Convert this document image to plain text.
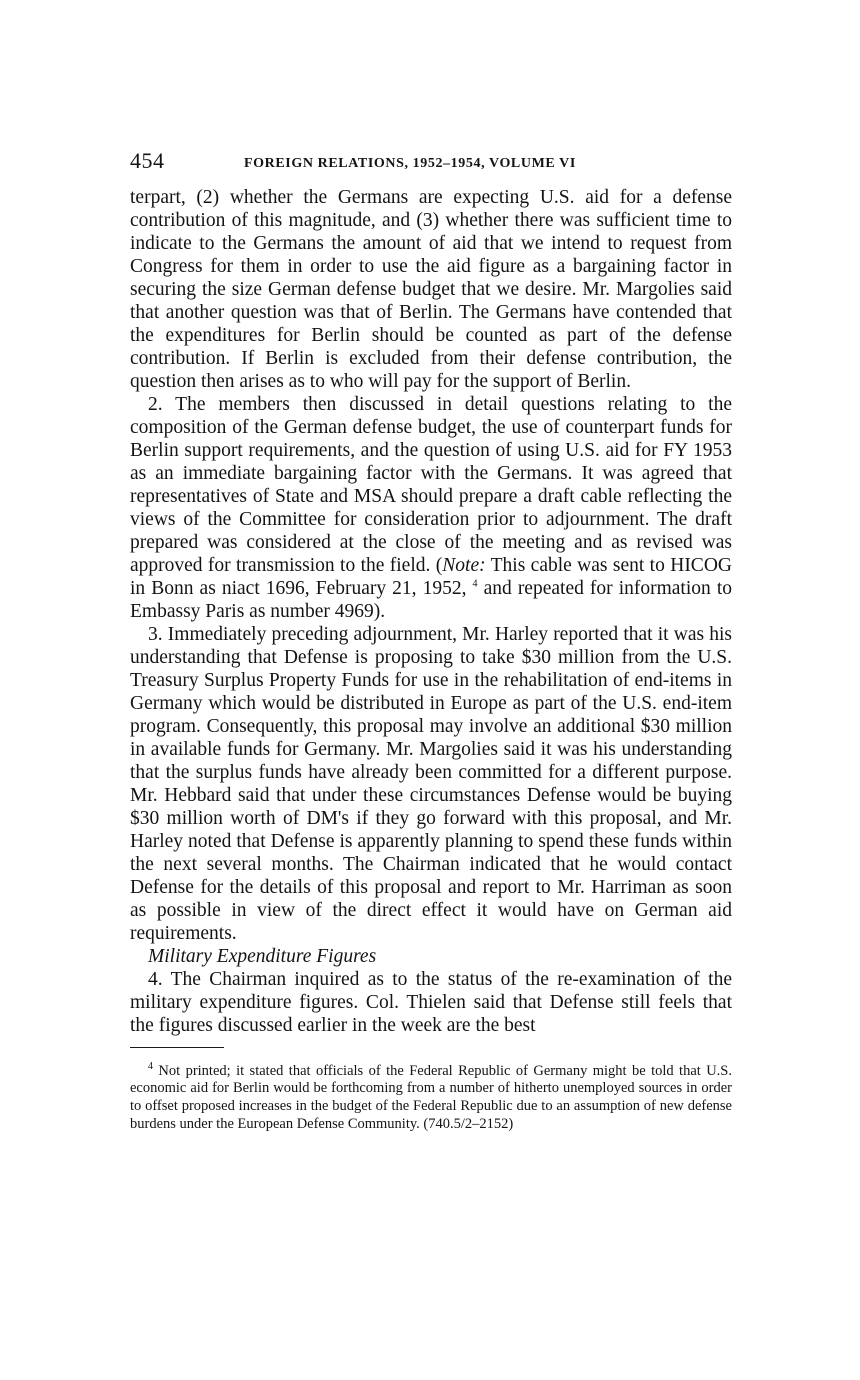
454	FOREIGN RELATIONS, 1952–1954, VOLUME VI

terpart, (2) whether the Germans are expecting U.S. aid for a defense contribution of this magnitude, and (3) whether there was sufficient time to indicate to the Germans the amount of aid that we intend to request from Congress for them in order to use the aid figure as a bargaining factor in securing the size German defense budget that we desire. Mr. Margolies said that another question was that of Berlin. The Germans have contended that the expenditures for Berlin should be counted as part of the defense contribution. If Berlin is excluded from their defense contribution, the question then arises as to who will pay for the support of Berlin.

2. The members then discussed in detail questions relating to the composition of the German defense budget, the use of counterpart funds for Berlin support requirements, and the question of using U.S. aid for FY 1953 as an immediate bargaining factor with the Germans. It was agreed that representatives of State and MSA should prepare a draft cable reflecting the views of the Committee for consideration prior to adjournment. The draft prepared was considered at the close of the meeting and as revised was approved for transmission to the field. (Note: This cable was sent to HICOG in Bonn as niact 1696, February 21, 1952, $^4$ and repeated for information to Embassy Paris as number 4969).

3. Immediately preceding adjournment, Mr. Harley reported that it was his understanding that Defense is proposing to take $30 million from the U.S. Treasury Surplus Property Funds for use in the rehabilitation of end-items in Germany which would be distributed in Europe as part of the U.S. end-item program. Consequently, this proposal may involve an additional $30 million in available funds for Germany. Mr. Margolies said it was his understanding that the surplus funds have already been committed for a different purpose. Mr. Hebbard said that under these circumstances Defense would be buying $30 million worth of DM's if they go forward with this proposal, and Mr. Harley noted that Defense is apparently planning to spend these funds within the next several months. The Chairman indicated that he would contact Defense for the details of this proposal and report to Mr. Harriman as soon as possible in view of the direct effect it would have on German aid requirements.

Military Expenditure Figures

4. The Chairman inquired as to the status of the re-examination of the military expenditure figures. Col. Thielen said that Defense still feels that the figures discussed earlier in the week are the best

$^4$ Not printed; it stated that officials of the Federal Republic of Germany might be told that U.S. economic aid for Berlin would be forthcoming from a number of hitherto unemployed sources in order to offset proposed increases in the budget of the Federal Republic due to an assumption of new defense burdens under the European Defense Community. (740.5/2–2152)
